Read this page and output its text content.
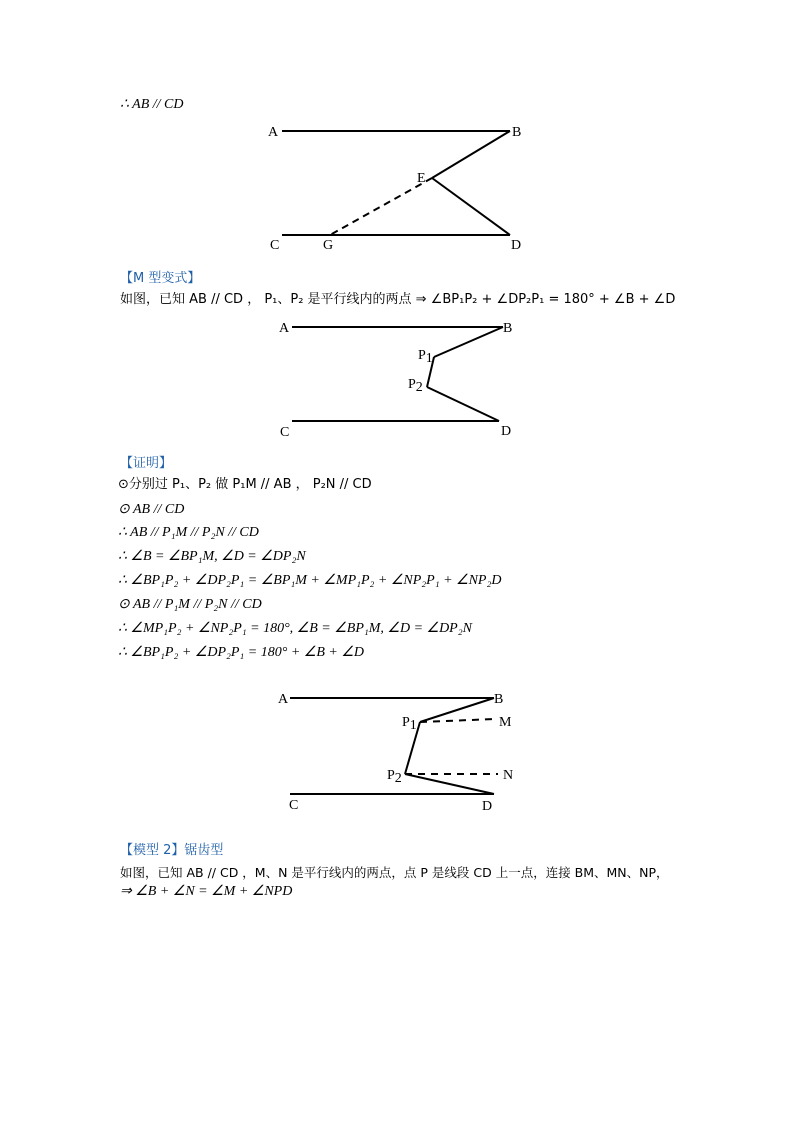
∴ AB // CD
A	B
E
C	G	D
【M 型变式】
如图，已知 AB // CD ， P₁、P₂ 是平行线内的两点 ⇒ ∠BP₁P₂ + ∠DP₂P₁ = 180° + ∠B + ∠D
A	B
P1
P2
C	D
【证明】
⊙分别过 P₁、P₂ 做 P₁M // AB ， P₂N // CD
⊙ AB // CD
∴ AB // P₁M // P₂N // CD
∴ ∠B = ∠BP₁M, ∠D = ∠DP₂N
∴ ∠BP₁P₂ + ∠DP₂P₁ = ∠BP₁M + ∠MP₁P₂ + ∠NP₂P₁ + ∠NP₂D
⊙ AB // P₁M // P₂N // CD
∴ ∠MP₁P₂ + ∠NP₂P₁ = 180°, ∠B = ∠BP₁M, ∠D = ∠DP₂N
∴ ∠BP₁P₂ + ∠DP₂P₁ = 180° + ∠B + ∠D
A	B
P1	M
P2	N
C	D
【模型 2】锯齿型
如图，已知 AB // CD ，M、N 是平行线内的两点，点 P 是线段 CD 上一点，连接 BM、MN、NP，
⇒ ∠B + ∠N = ∠M + ∠NPD
